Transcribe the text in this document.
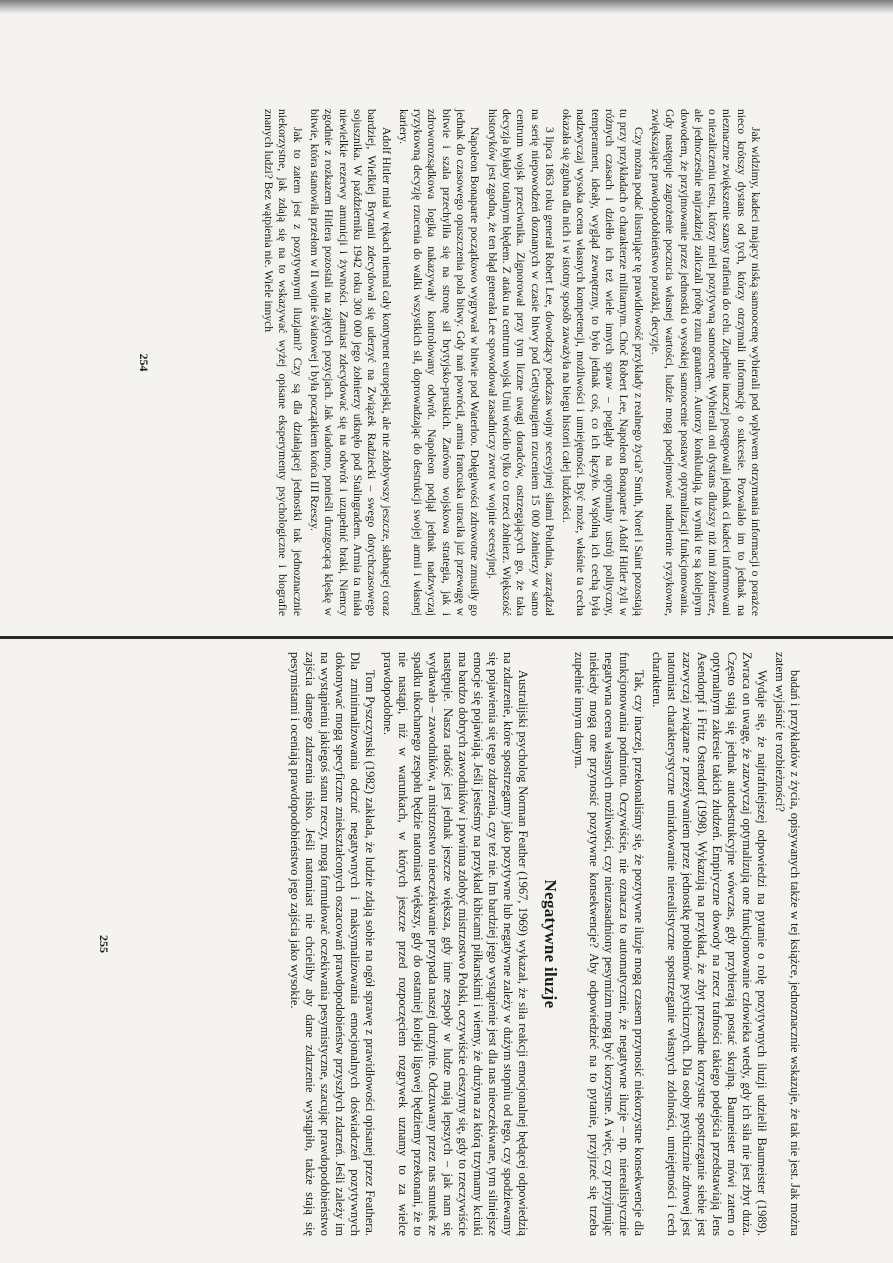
Jak widzimy, kadeci mający niską samoocenę wybierali pod wpływem otrzymania informacji o porażce nieco krótszy dystans od tych, którzy otrzymali informację o sukcesie. Pozwalało im to jednak na nieznaczne zwiększenie szansy trafienia do celu. Zupełnie inaczej postępowali jednak ci kadeci informowani o niezaliczeniu testu, którzy mieli pozytywną samoocenę. Wybierali oni dystans dłuższy niż inni żołnierze, ale jednocześnie najrzadziej zaliczali próbę rzutu granatem. Autorzy konkludują, iż wyniki te są kolejnym dowodem, że przyjmowanie przez jednostki o wysokiej samoocenie postawy optymalizacji funkcjonowania. Gdy następuje zagrożenie poczucia własnej wartości, ludzie mogą podejmować nadmiernie ryzykowne, zwiększające prawdopodobieństwo porażki, decyzje.

Czy można podać ilustrujące tę prawidłowość przykłady z realnego życia? Smith, Norel i Saint pozostają tu przy przykładach o charakterze militarnym. Choć Robert Lee, Napoleon Bonaparte i Adolf Hitler żyli w różnych czasach i dziełło ich też wiele innych spraw – poglądy na optymalny ustrój polityczny, temperament, ideały, wygląd zewnętrzny, to było jednak coś, co ich łączyło. Wspólną ich cechą była nadzwyczaj wysoka ocena własnych kompetencji, możliwości i umiejętności. Być może, właśnie ta cecha okazała się zgubna dla nich i w istotny sposób zaważyła na biegu historii całej ludzkości.

3 lipca 1863 roku generał Robert Lee, dowodzący podczas wojny secesyjnej siłami Południa, zarządzał na serię niepowodzeń doznanych w czasie bitwy pod Gettysburgiem rzuceniem 15 000 żołnierzy w samo centrum wojsk przeciwnika. Zignorował przy tym liczne uwagi doradców, ostrzegających go, że taka decyzja byłaby totalnym błędem. Z ataku na centrum wojsk Unii wróciło tylko co trzeci żołnierz. Większość historyków jest zgodna, że ten błąd generała Lee spowodował zasadniczy zwrot w wojnie secesyjnej.

Napoleon Bonaparte początkowo wygrywał w bitwie pod Waterloo. Dołęgiwości zdrowotne zmusiły go jednak do czasowego opuszczenia pola bitwy. Gdy nań powrócił, armia francuska utraciła już przewagę w bitwie i szala przechyliła się na stronę sił brytyjsko-pruskich. Zarówno wojskowa strategia, jak i zdroworozsądkowa logika nakazywały kontrolowany odwrót. Napoleon podjął jednak nadzwyczaj ryzykowną decyzję rzucenia do walki wszystkich sił, doprowadzając do destrukcji swojej armii i własnej kariery.

Adolf Hitler miał w rękach niemal cały kontynent europejski, ale nie zdobywszy jeszcze, słabnącej coraz bardziej, Wielkiej Brytanii zdecydował się uderzyć na Związek Radziecki – swego dotychczasowego sojusznika. W październiku 1942 roku 300 000 jego żołnierzy utknęło pod Stalingradem. Armia ta miała niewielkie rezerwy amunicji i żywności. Zamiast zdecydować się na odwrót i uzupełnić braki, Niemcy zgodnie z rozkazem Hitlera pozostali na zajętych pozycjach. Jak wiadomo, ponieśli druzgocącą klęskę w bitwie, która stanowiła przełom w II wojnie światowej i była początkiem końca III Rzeszy.

Jak to zatem jest z pozytywnymi iluzjami? Czy są dla działającej jednostki tak jednoznacznie niekorzystne, jak zdają się na to wskazywać wyżej opisane eksperymenty psychologiczne i biografie znanych ludzi? Bez wątpienia nie. Wiele innych

254

badań i przykładów z życia, opisywanych także w tej książce, jednoznacznie wskazuje, że tak nie jest. Jak można zatem wyjaśnić te rozbieżności?

Wydaje się, że najtrafniejszej odpowiedzi na pytanie o rolę pozytywnych iluzji udzielił Baumeister (1989). Zwraca on uwagę, że zazwyczaj optymalizują one funkcjonowanie człowieka wtedy, gdy ich siła nie jest zbyt duża. Często stają się jednak autodestrukcyjne wówczas, gdy przybierają postać skrajną. Baumeister mówi zatem o optymalnym zakresie takich złudzeń. Empiryczne dowody na rzecz trafności takiego podejścia przedstawiają Jens Asendorpf i Fritz Ostendorf (1998). Wykazują na przykład, że zbyt przesadne korzystne spostrzeganie siebie jest zazwyczaj związane z przeżywaniem przez jednostkę problemów psychicznych. Dla osoby psychicznie zdrowej jest natomiast charakterystyczne umiarkowanie nierealistyczne spostrzeganie własnych zdolności, umiejętności i cech charakteru.

Tak, czy inaczej, przekonaliśmy się, że pozytywne iluzje mogą czasem przynosić niekorzystne konsekwencje dla funkcjonowania podmiotu. Oczywiście, nie oznacza to automatycznie, że negatywne iluzje – np. nierealistycznie negatywna ocena własnych możliwości, czy nieuzasadniony pesymizm mogą być korzystne. A więc, czy przyjmując niekiedy mogą one przynosić pozytywne konsekwencje? Aby odpowiedzieć na to pytanie, przyjrzeć się trzeba zupełnie innym danym.

Negatywne iluzje

Australijski psycholog Norman Feather (1967, 1969) wykazał, że siła reakcji emocjonalnej będącej odpowiedzią na zdarzenie, które spostrzegamy jako pozytywne lub negatywne zależy w dużym stopniu od tego, czy spodziewamy się pojawienia się tego zdarzenia, czy też nie. Im bardziej jego wystąpienie jest dla nas nieoczekiwane, tym silniejsze emocje się pojawiają. Jeśli jesteśmy na przykład kibicami piłkarskimi i wiemy, że drużyna za którą trzymamy kciuki ma bardzo dobrych zawodników i powinna zdobyć mistrzostwo Polski, oczywiście cieszymy się, gdy to rzeczywiście następuje. Nasza radość jest jednak jeszcze większa, gdy inne zespoły w ludze mają lepszych – jak nam się wydawało – zawodników, a mistrzostwo nieoczekiwanie przypada naszej drużynie. Odczuwany przez nas smutek ze spadku ukochanego zespołu będzie natomiast większy, gdy do ostatniej kolejki ligowej będziemy przekonani, że to nie nastąpi, niż w warunkach, w których jeszcze przed rozpoczęciem rozgrywek uznamy to za wielce prawdopodobne.

Tom Pyszczynski (1982) zakłada, że ludzie zdają sobie na ogół sprawę z prawidłowości opisanej przez Feathera. Dla zminimalizowania odczuć negatywnych i maksymalizowania emocjonalnych doświadczeń pozytywnych dokonywać mogą specyficzne zniekształconych oszacowań prawdopodobieństw przyszłych zdarzeń. Jeśli zależy im na wystąpieniu jakiegoś stanu rzeczy, mogą formułować oczekiwania pesymistyczne, szacując prawdopodobieństwo zajścia danego zdarzenia nisko. Jeśli natomiast nie chcieliby aby dane zdarzenie wystąpiło, także stają się pesymistami i oceniają prawdopodobieństwo jego zajścia jako wysokie.

255
